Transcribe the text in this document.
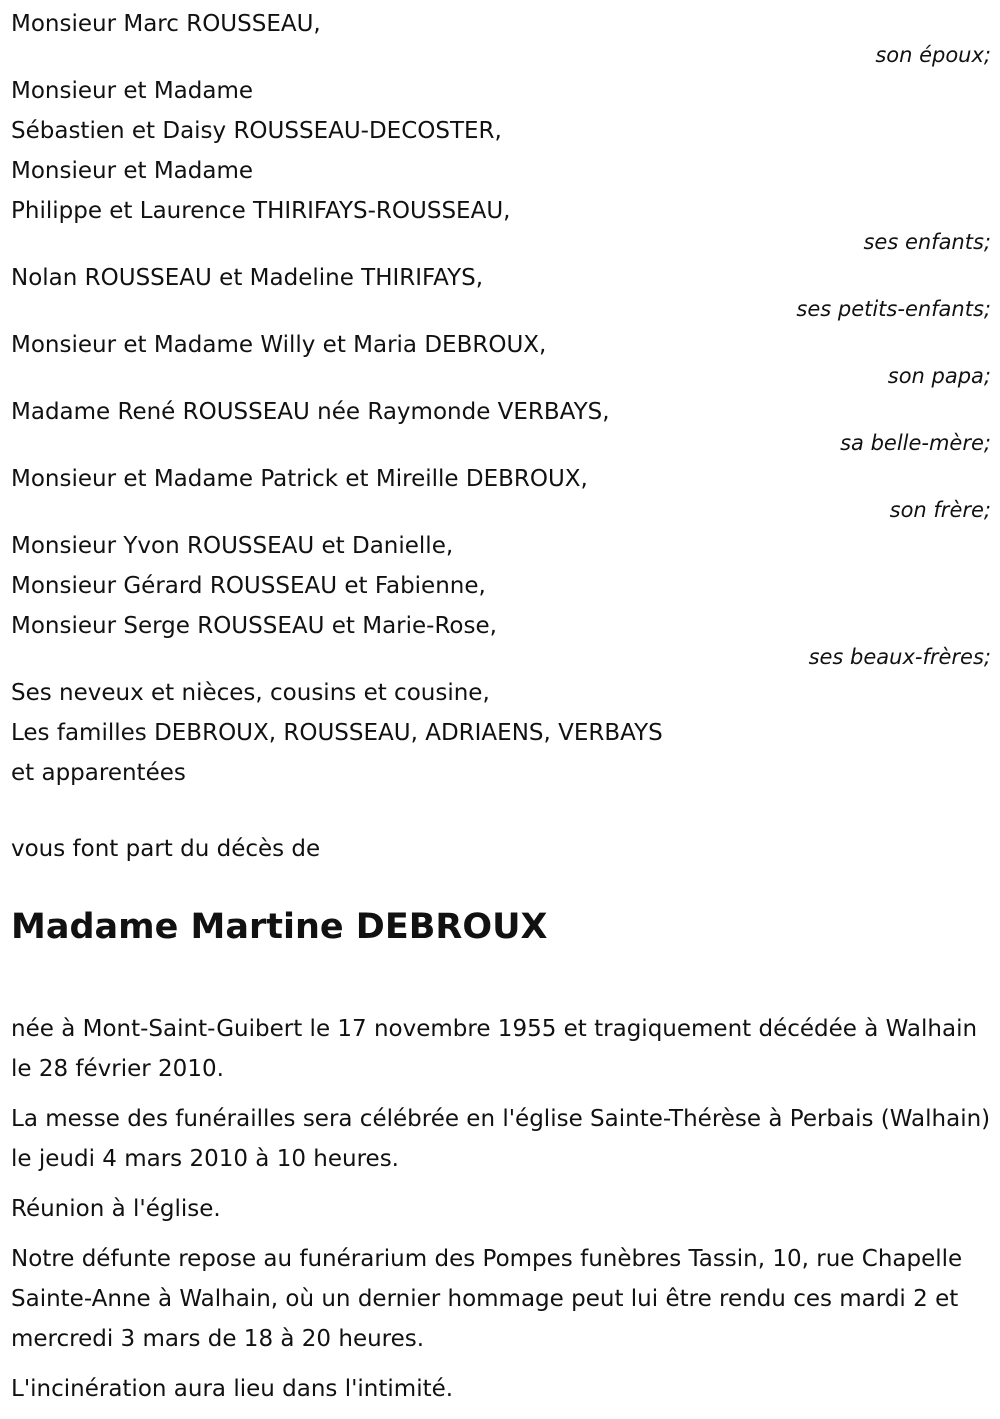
Monsieur Marc ROUSSEAU,
son époux;
Monsieur et Madame
Sébastien et Daisy ROUSSEAU-DECOSTER,
Monsieur et Madame
Philippe et Laurence THIRIFAYS-ROUSSEAU,
ses enfants;
Nolan ROUSSEAU et Madeline THIRIFAYS,
ses petits-enfants;
Monsieur et Madame Willy et Maria DEBROUX,
son papa;
Madame René ROUSSEAU née Raymonde VERBAYS,
sa belle-mère;
Monsieur et Madame Patrick et Mireille DEBROUX,
son frère;
Monsieur Yvon ROUSSEAU et Danielle,
Monsieur Gérard ROUSSEAU et Fabienne,
Monsieur Serge ROUSSEAU et Marie-Rose,
ses beaux-frères;
Ses neveux et nièces, cousins et cousine,
Les familles DEBROUX, ROUSSEAU, ADRIAENS, VERBAYS
et apparentées
vous font part du décès de
Madame Martine DEBROUX

née à Mont-Saint-Guibert le 17 novembre 1955 et tragiquement décédée à Walhain le 28 février 2010.

La messe des funérailles sera célébrée en l'église Sainte-Thérèse à Perbais (Walhain) le jeudi 4 mars 2010 à 10 heures.

Réunion à l'église.

Notre défunte repose au funérarium des Pompes funèbres Tassin, 10, rue Chapelle Sainte-Anne à Walhain, où un dernier hommage peut lui être rendu ces mardi 2 et mercredi 3 mars de 18 à 20 heures.

L'incinération aura lieu dans l'intimité.
